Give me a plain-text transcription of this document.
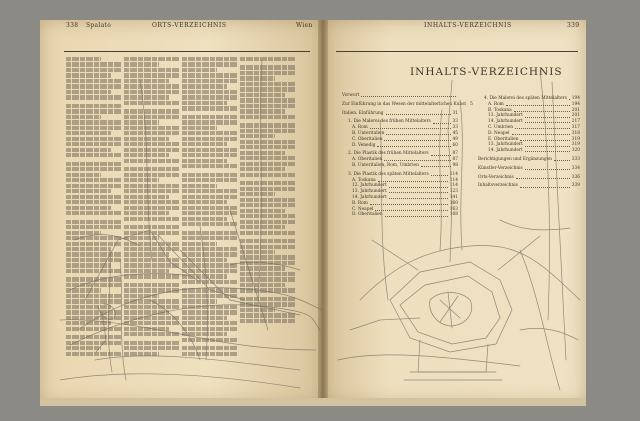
338 Spalato	ORTS-VERZEICHNIS	Wien	INHALTS-VERZEICHNIS	339
INHALTS-VERZEICHNIS
Vorwort
Zur Einführung in das Wesen der mittelalterlichen Kunst 5
Italien. Einführung	31
1. Die Malerei des frühen Mittelalters	33
A. Rom	33
B. Unteritalien	45
C. Oberitalien	49
D. Venedig	60
2. Die Plastik des frühen Mittelalters	87
A. Oberitalien	87
B. Unteritalien, Rom, Umbrien	98
3. Die Plastik des späten Mittelalters	114
A. Toskana	114
12. Jahrhundert	114
13. Jahrhundert	123
14. Jahrhundert	141
B. Rom	160
C. Neapel	163
D. Oberitalien	168
4. Die Malerei des späten Mittelalters 194
A. Rom	194
B. Toskana	201
13. Jahrhundert	201
14. Jahrhundert	217
C. Umbrien	317
D. Neapel	318
E. Oberitalien	319
13. Jahrhundert	319
14. Jahrhundert	320
Berichtigungen und Ergänzungen	333
Künstler-Verzeichnis	334
Orts-Verzeichnis	336
Inhaltsverzeichnis	339
